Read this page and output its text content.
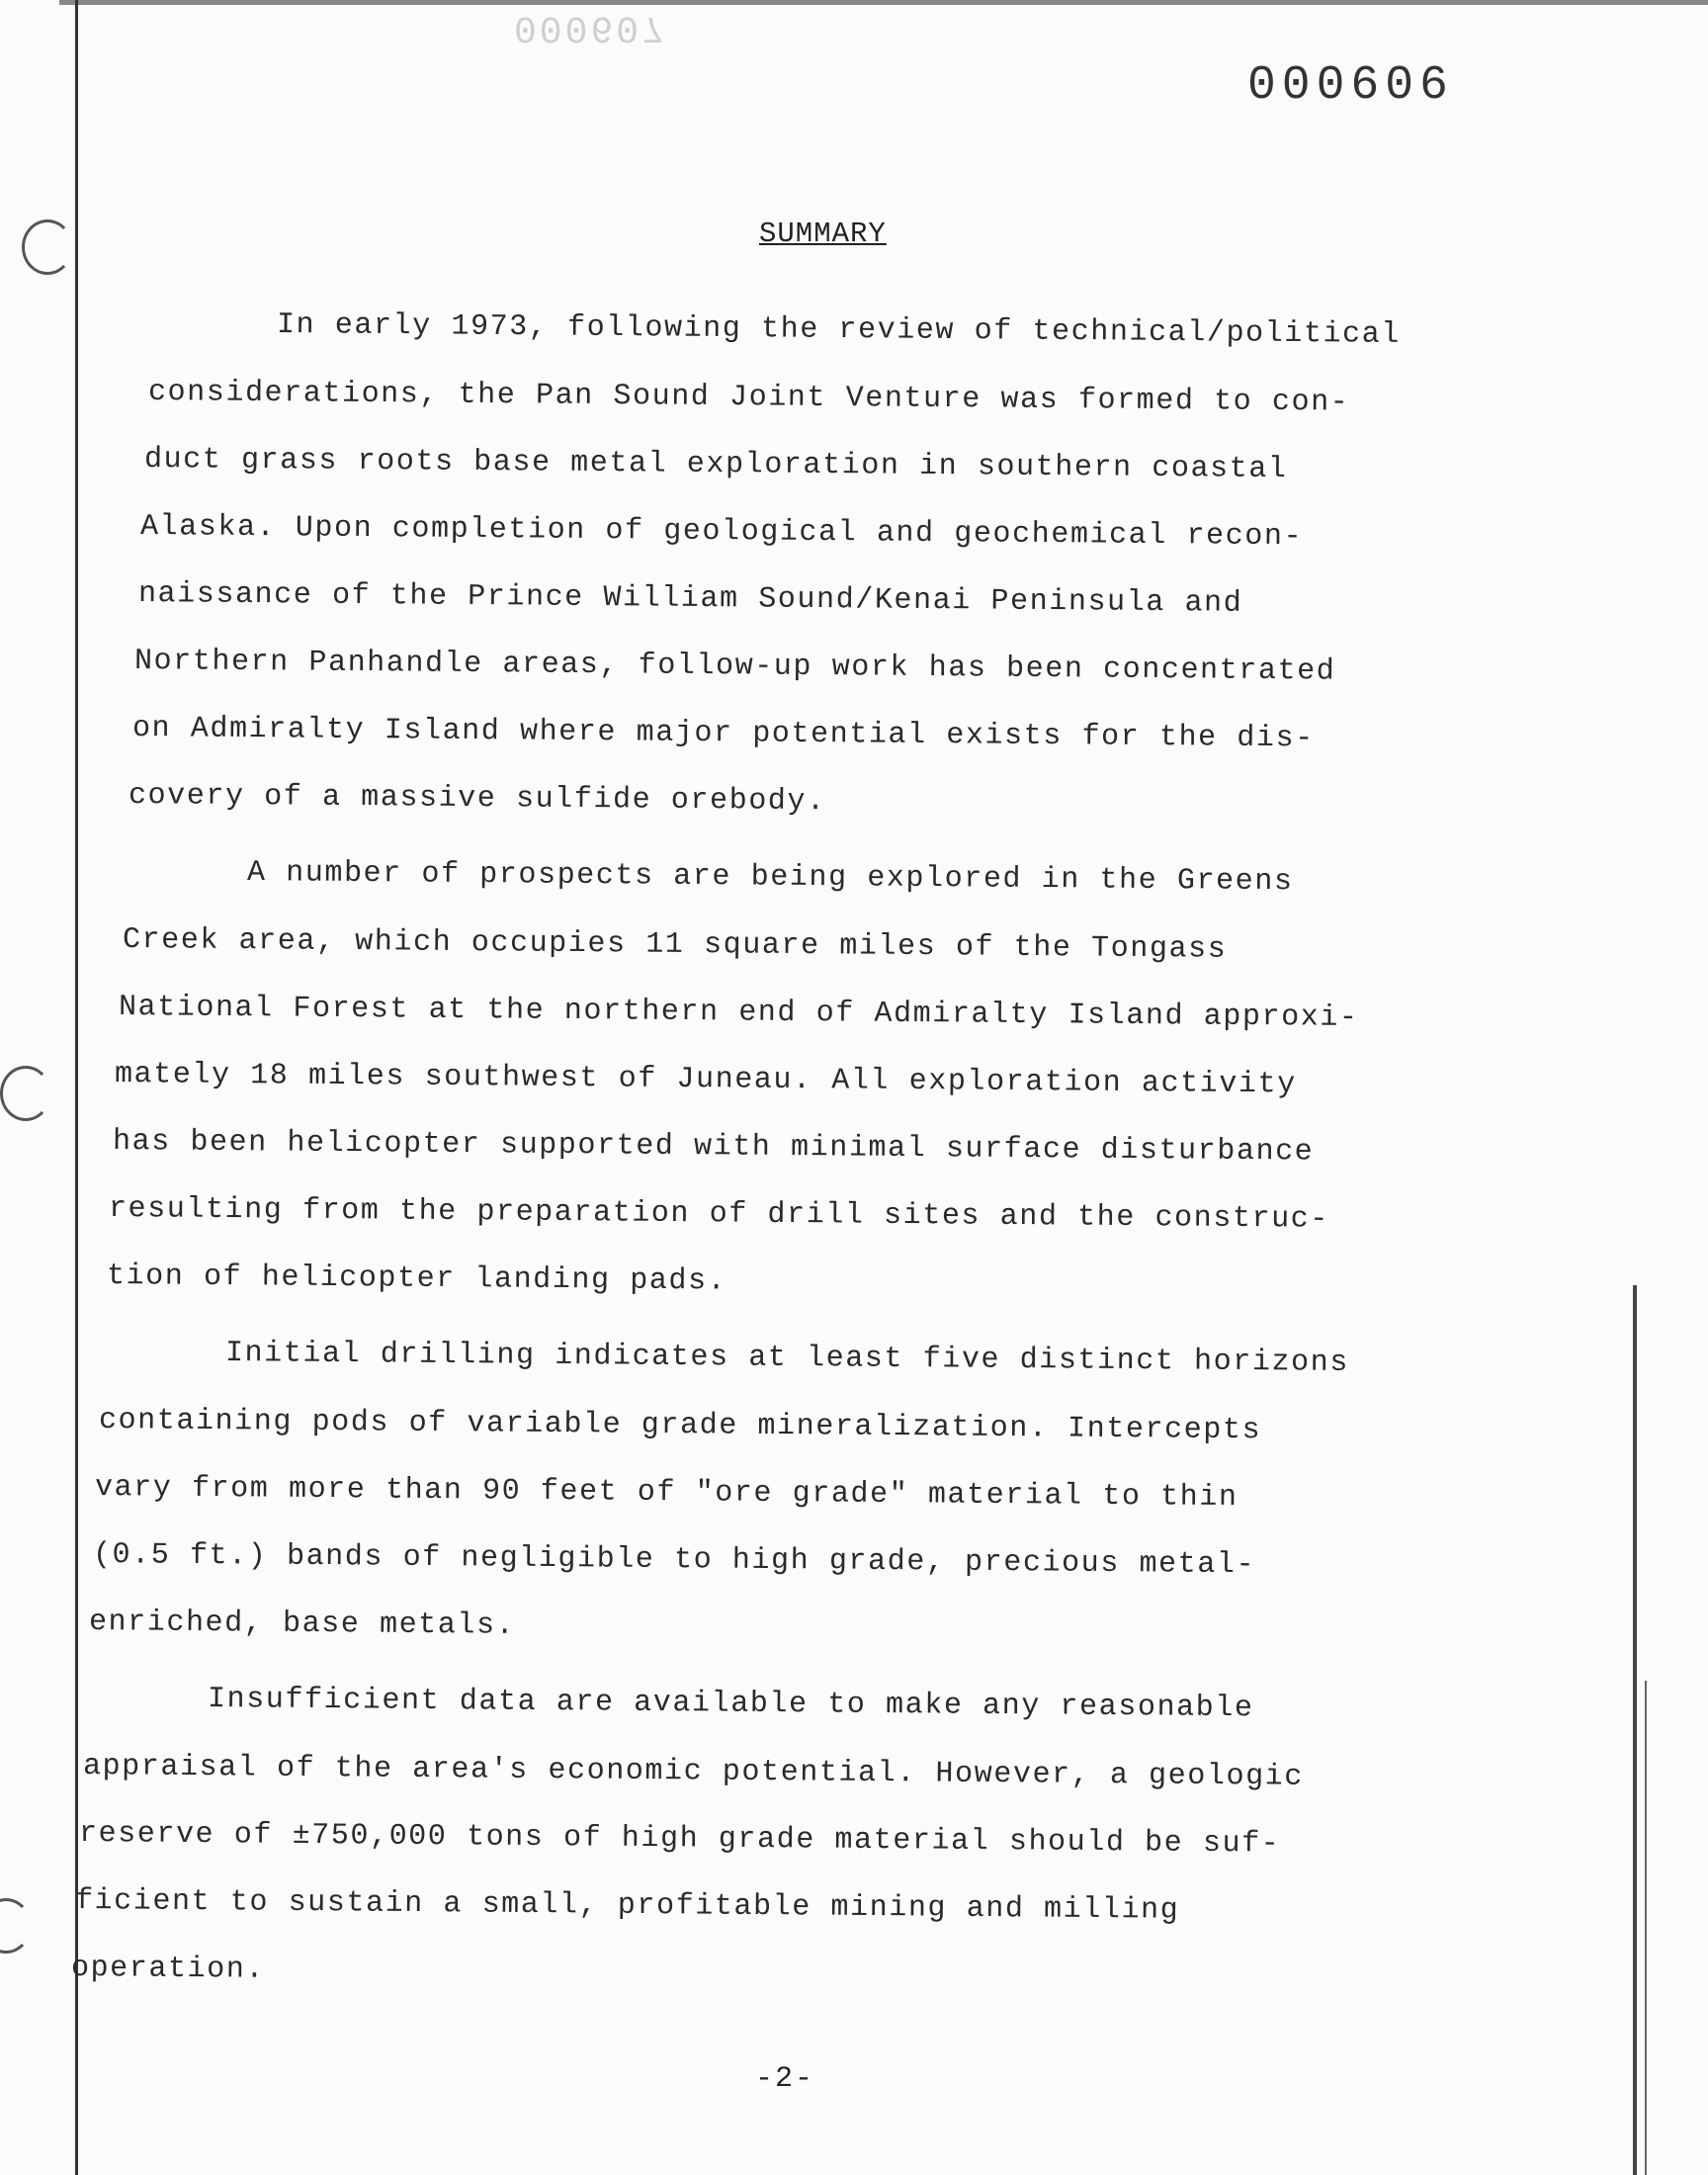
000607
000606
SUMMARY
In early 1973, following the review of technical/political
considerations, the Pan Sound Joint Venture was formed to con-
duct grass roots base metal exploration in southern coastal
Alaska. Upon completion of geological and geochemical recon-
naissance of the Prince William Sound/Kenai Peninsula and
Northern Panhandle areas, follow-up work has been concentrated
on Admiralty Island where major potential exists for the dis-
covery of a massive sulfide orebody.
A number of prospects are being explored in the Greens
Creek area, which occupies 11 square miles of the Tongass
National Forest at the northern end of Admiralty Island approxi-
mately 18 miles southwest of Juneau. All exploration activity
has been helicopter supported with minimal surface disturbance
resulting from the preparation of drill sites and the construc-
tion of helicopter landing pads.
Initial drilling indicates at least five distinct horizons
containing pods of variable grade mineralization. Intercepts
vary from more than 90 feet of "ore grade" material to thin
(0.5 ft.) bands of negligible to high grade, precious metal-
enriched, base metals.
Insufficient data are available to make any reasonable
appraisal of the area's economic potential. However, a geologic
reserve of ±750,000 tons of high grade material should be suf-
ficient to sustain a small, profitable mining and milling
operation.
-2-
